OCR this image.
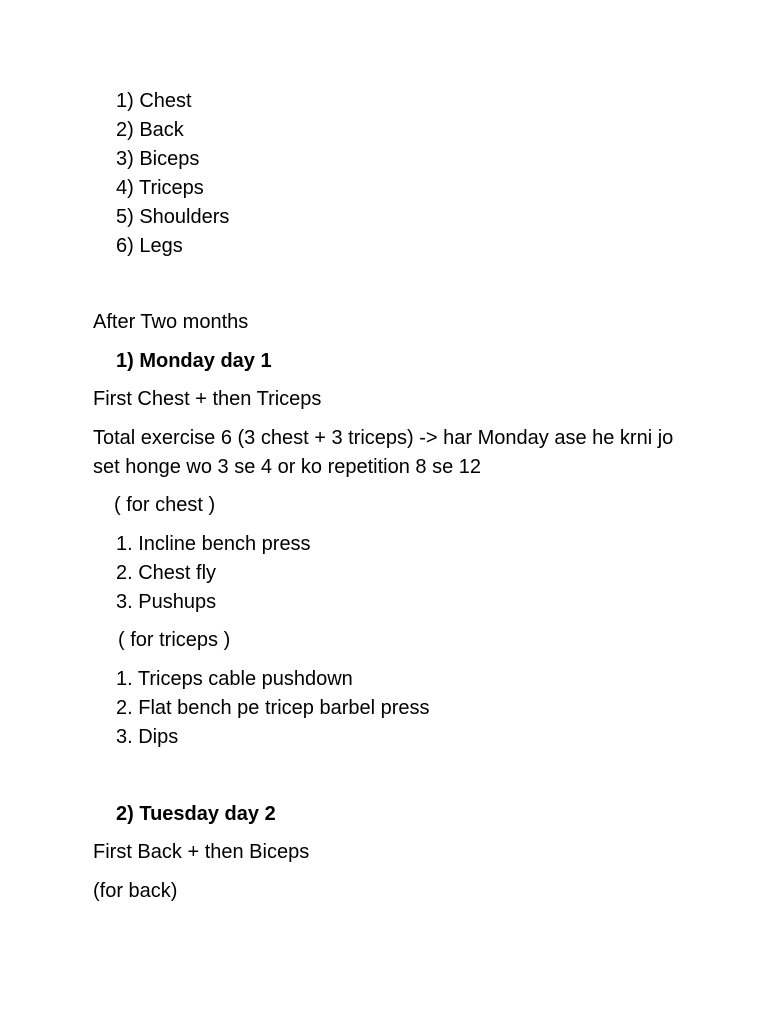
1) Chest
2) Back
3) Biceps
4) Triceps
5) Shoulders
6) Legs
After Two months
1) Monday day 1
First Chest + then Triceps

Total exercise 6 (3 chest + 3 triceps) -> har Monday ase he krni jo set honge wo 3 se 4 or ko repetition 8 se 12

( for chest )
1. Incline bench press
2. Chest fly
3. Pushups
( for triceps )
1. Triceps cable pushdown
2. Flat bench pe tricep barbel press
3. Dips
2) Tuesday day 2
First Back + then Biceps
(for back)
